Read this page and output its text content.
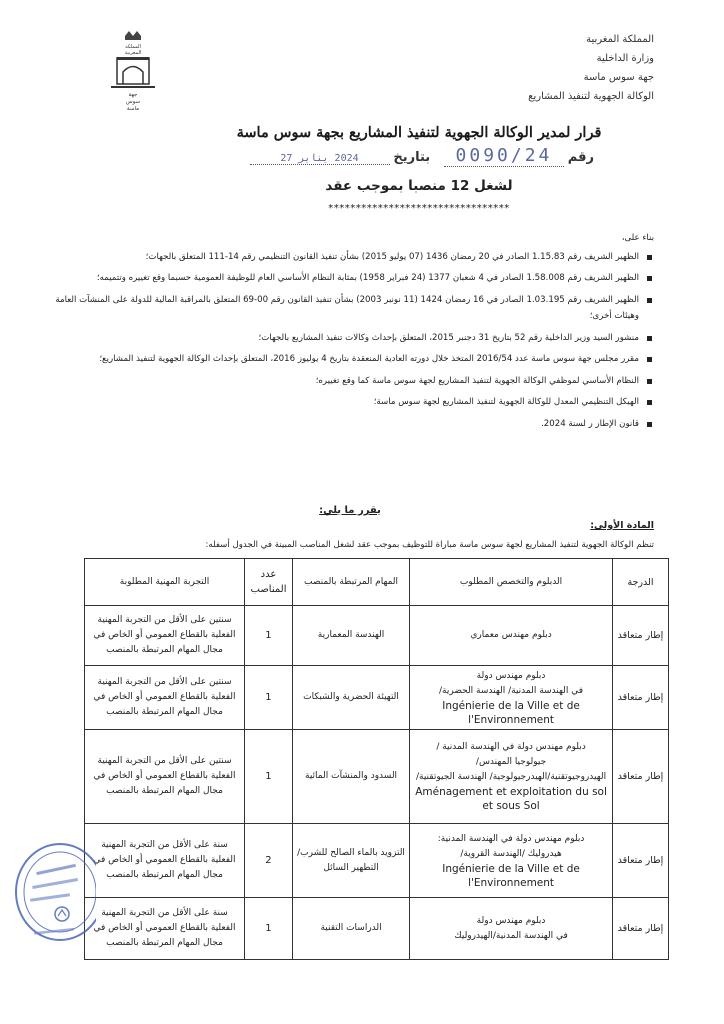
المملكة المغربية
وزارة الداخلية
جهة سوس ماسة
الوكالة الجهوية لتنفيذ المشاريع
المملكة
المغربية
جهة
سوس
ماسة
قرار لمدير الوكالة الجهوية لتنفيذ المشاريع بجهة سوس ماسة
رقم 0090/24 بتاريخ 2024 يناير 27
لشغل 12 منصبا بموجب عقد
*********************************
بناء على،
الظهير الشريف رقم 1.15.83 الصادر في 20 رمضان 1436 (07 يوليو 2015) بشأن تنفيذ القانون التنظيمي رقم 14-111 المتعلق بالجهات؛
الظهير الشريف رقم 1.58.008 الصادر في 4 شعبان 1377 (24 فبراير 1958) بمثابة النظام الأساسي العام للوظيفة العمومية حسبما وقع تغييره وتتميمه؛
الظهير الشريف رقم 1.03.195 الصادر في 16 رمضان 1424 (11 نونبر 2003) بشأن تنفيذ القانون رقم 00-69 المتعلق بالمراقبة المالية للدولة على المنشآت العامة وهيئات أخرى؛
منشور السيد وزير الداخلية رقم 52 بتاريخ 31 دجنبر 2015، المتعلق بإحداث وكالات تنفيذ المشاريع بالجهات؛
مقرر مجلس جهة سوس ماسة عدد 2016/54 المتخذ خلال دورته العادية المنعقدة بتاريخ 4 يوليوز 2016، المتعلق بإحداث الوكالة الجهوية لتنفيذ المشاريع؛
النظام الأساسي لموظفي الوكالة الجهوية لتنفيذ المشاريع لجهة سوس ماسة كما وقع تغييره؛
الهيكل التنظيمي المعدل للوكالة الجهوية لتنفيذ المشاريع لجهة سوس ماسة؛
قانون الإطار ر لسنة 2024.
يقرر ما يلي:
المادة الأولى:
تنظم الوكالة الجهوية لتنفيذ المشاريع لجهة سوس ماسة مباراة للتوظيف بموجب عقد لشغل المناصب المبينة في الجدول أسفله:
الدرجة	الدبلوم والتخصص المطلوب	المهام المرتبطة بالمنصب	عدد المناصب	التجربة المهنية المطلوبة
إطار متعاقد	دبلوم مهندس معماري	الهندسة المعمارية	1	سنتين على الأقل من التجربة المهنية الفعلية بالقطاع العمومي أو الخاص في مجال المهام المرتبطة بالمنصب
إطار متعاقد	دبلوم مهندس دولة
في الهندسة المدنية/ الهندسة الحضرية/
Ingénierie de la Ville et de l'Environnement	التهيئة الحضرية والشبكات	1	سنتين على الأقل من التجربة المهنية الفعلية بالقطاع العمومي أو الخاص في مجال المهام المرتبطة بالمنصب
إطار متعاقد	دبلوم مهندس دولة في الهندسة المدنية /
جيولوجيا المهندس/
الهيدروجيوتقنية/الهيدرجيولوجية/ الهندسة الجيوتقنية/
Aménagement et exploitation du sol et sous Sol	السدود والمنشآت المائية	1	سنتين على الأقل من التجربة المهنية الفعلية بالقطاع العمومي أو الخاص في مجال المهام المرتبطة بالمنصب
إطار متعاقد	دبلوم مهندس دولة في الهندسة المدنية:
هيدروليك /الهندسة القروية/
Ingénierie de la Ville et de l'Environnement	التزويد بالماء الصالح للشرب/ التطهير السائل	2	سنة على الأقل من التجربة المهنية الفعلية بالقطاع العمومي أو الخاص في مجال المهام المرتبطة بالمنصب
إطار متعاقد	دبلوم مهندس دولة
في الهندسة المدنية/الهيدروليك	الدراسات التقنية	1	سنة على الأقل من التجربة المهنية الفعلية بالقطاع العمومي أو الخاص في مجال المهام المرتبطة بالمنصب
